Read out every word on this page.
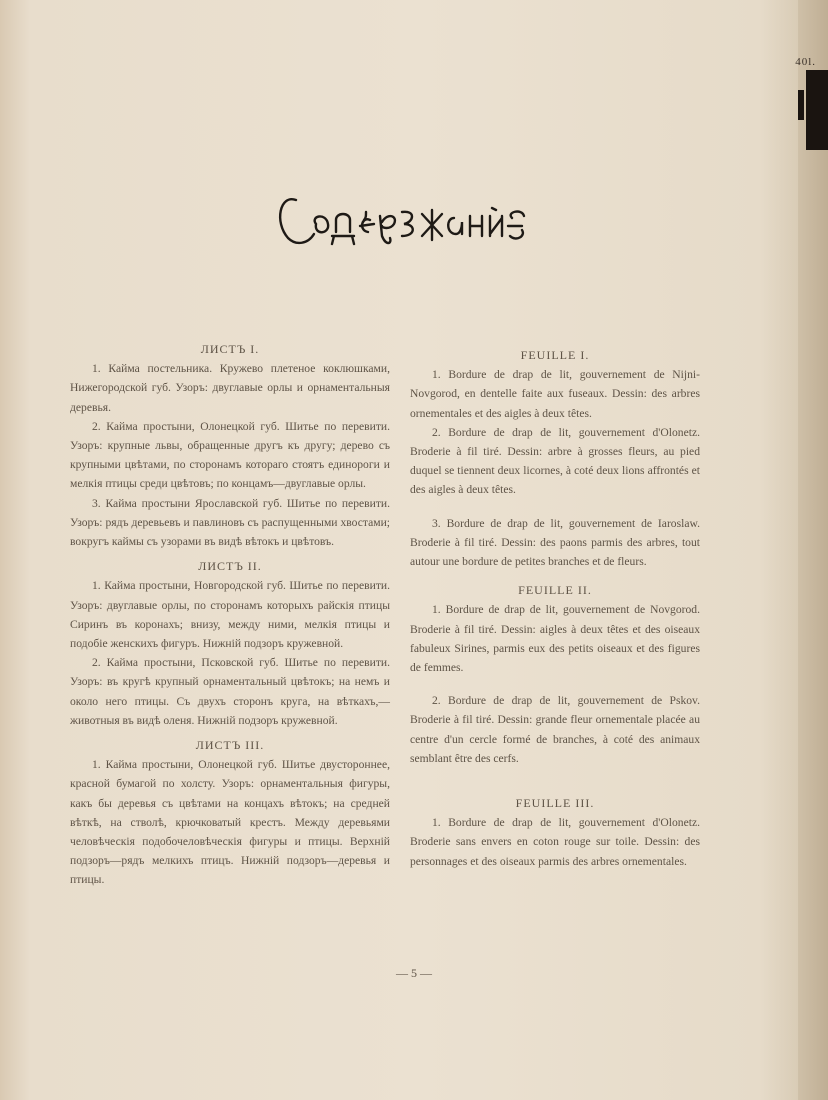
40l.

ЛИСТЪ I.

1. Кайма постельника. Кружево плетеное коклюшками, Нижегородской губ. Узоръ: двуглавые орлы и орнаментальныя деревья.

2. Кайма простыни, Олонецкой губ. Шитье по перевити. Узоръ: крупные львы, обращенные другъ къ другу; дерево съ крупными цвѣтами, по сторонамъ котораго стоятъ единороги и мелкія птицы среди цвѣтовъ; по концамъ—двуглавые орлы.

3. Кайма простыни Ярославской губ. Шитье по перевити. Узоръ: рядъ деревьевъ и павлиновъ съ распущенными хвостами; вокругъ каймы съ узорами въ видѣ вѣтокъ и цвѣтовъ.

ЛИСТЪ II.

1. Кайма простыни, Новгородской губ. Шитье по перевити. Узоръ: двуглавые орлы, по сторонамъ которыхъ райскія птицы Сиринъ въ коронахъ; внизу, между ними, мелкія птицы и подобіе женскихъ фигуръ. Нижній подзоръ кружевной.

2. Кайма простыни, Псковской губ. Шитье по перевити. Узоръ: въ кругѣ крупный орнаментальный цвѣтокъ; на немъ и около него птицы. Съ двухъ сторонъ круга, на вѣткахъ,—животныя въ видѣ оленя. Нижній подзоръ кружевной.

ЛИСТЪ III.

1. Кайма простыни, Олонецкой губ. Шитье двустороннее, красной бумагой по холсту. Узоръ: орнаментальныя фигуры, какъ бы деревья съ цвѣтами на концахъ вѣтокъ; на средней вѣткѣ, на стволѣ, крючковатый крестъ. Между деревьями человѣческія подобочеловѣческія фигуры и птицы. Верхній подзоръ—рядъ мелкихъ птицъ. Нижній подзоръ—деревья и птицы.

FEUILLE I.

1. Bordure de drap de lit, gouvernement de Nijni-Novgorod, en dentelle faite aux fuseaux. Dessin: des arbres ornementales et des aigles à deux têtes.

2. Bordure de drap de lit, gouvernement d'Olonetz. Broderie à fil tiré. Dessin: arbre à grosses fleurs, au pied duquel se tiennent deux licornes, à coté deux lions affrontés et des aigles à deux têtes.

3. Bordure de drap de lit, gouvernement de Iaroslaw. Broderie à fil tiré. Dessin: des paons parmis des arbres, tout autour une bordure de petites branches et de fleurs.

FEUILLE II.

1. Bordure de drap de lit, gouvernement de Novgorod. Broderie à fil tiré. Dessin: aigles à deux têtes et des oiseaux fabuleux Sirines, parmis eux des petits oiseaux et des figures de femmes.

2. Bordure de drap de lit, gouvernement de Pskov. Broderie à fil tiré. Dessin: grande fleur ornementale placée au centre d'un cercle formé de branches, à coté des animaux semblant être des cerfs.

FEUILLE III.

1. Bordure de drap de lit, gouvernement d'Olonetz. Broderie sans envers en coton rouge sur toile. Dessin: des personnages et des oiseaux parmis des arbres ornementales.

— 5 —
